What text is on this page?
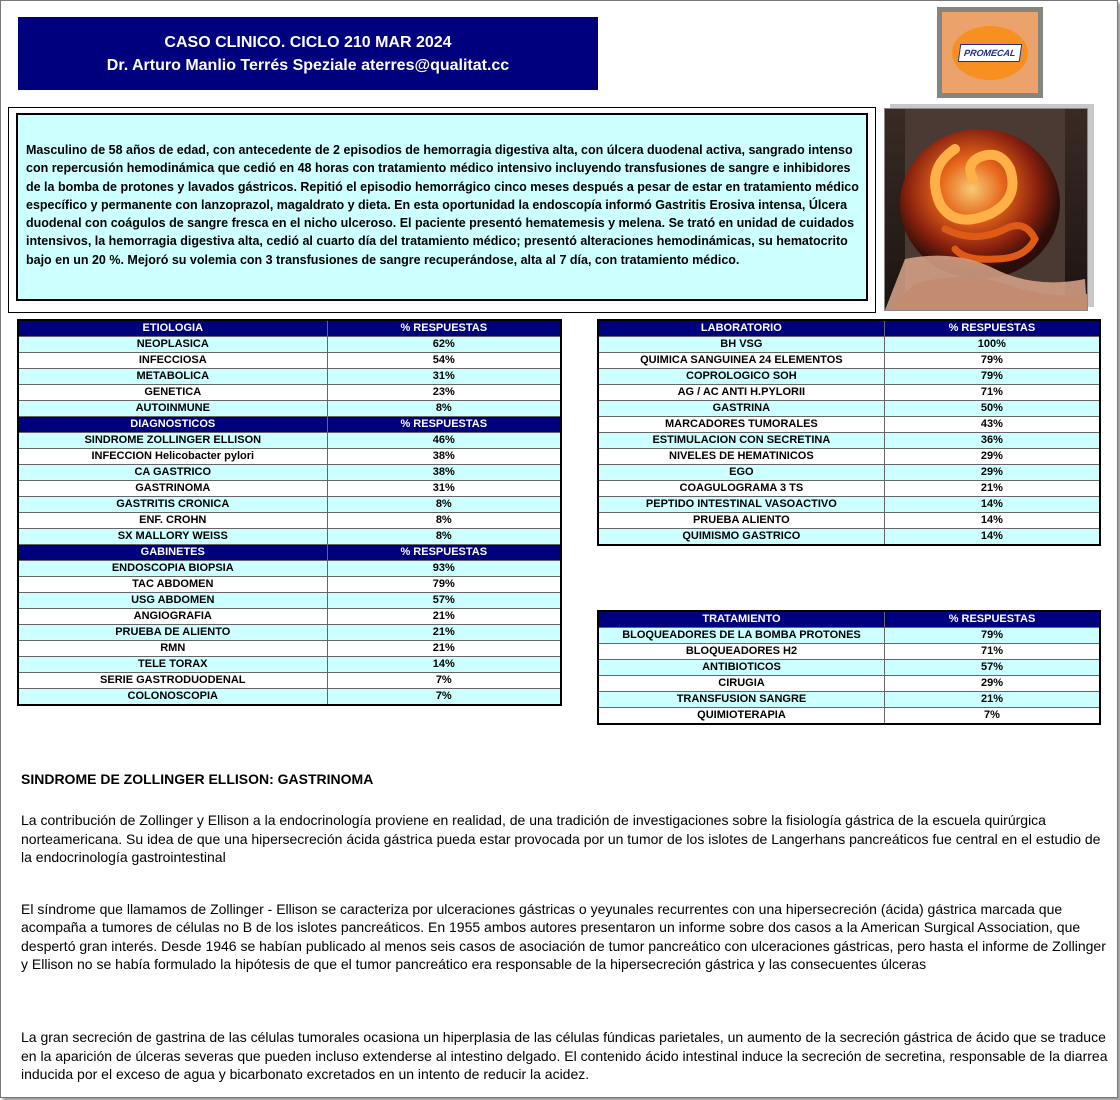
CASO CLINICO. CICLO 210 MAR 2024
Dr. Arturo Manlio Terrés Speziale aterres@qualitat.cc
PROMECAL
Masculino de 58 años de edad, con antecedente de 2 episodios de hemorragia digestiva alta, con úlcera duodenal activa, sangrado intenso con repercusión hemodinámica que cedió en 48 horas con tratamiento médico intensivo incluyendo transfusiones de sangre e inhibidores de la bomba de protones y lavados gástricos. Repitió el episodio hemorrágico cinco meses después a pesar de estar en tratamiento médico específico y permanente con lanzoprazol, magaldrato y dieta. En esta oportunidad la endoscopía informó Gastritis Erosiva intensa, Úlcera duodenal con coágulos de sangre fresca en el nicho ulceroso. El paciente presentó hematemesis y melena. Se trató en unidad de cuidados intensivos, la hemorragia digestiva alta, cedió al cuarto día del tratamiento médico; presentó alteraciones hemodinámicas, su hematocrito bajo en un 20 %. Mejoró su volemia con 3 transfusiones de sangre recuperándose, alta al 7 día, con tratamiento médico.
ETIOLOGIA	% RESPUESTAS
NEOPLASICA	62%
INFECCIOSA	54%
METABOLICA	31%
GENETICA	23%
AUTOINMUNE	8%
DIAGNOSTICOS	% RESPUESTAS
SINDROME ZOLLINGER ELLISON	46%
INFECCION Helicobacter pylori	38%
CA GASTRICO	38%
GASTRINOMA	31%
GASTRITIS CRONICA	8%
ENF. CROHN	8%
SX MALLORY WEISS	8%
GABINETES	% RESPUESTAS
ENDOSCOPIA BIOPSIA	93%
TAC ABDOMEN	79%
USG ABDOMEN	57%
ANGIOGRAFIA	21%
PRUEBA DE ALIENTO	21%
RMN	21%
TELE TORAX	14%
SERIE GASTRODUODENAL	7%
COLONOSCOPIA	7%
LABORATORIO	% RESPUESTAS
BH VSG	100%
QUIMICA SANGUINEA 24 ELEMENTOS	79%
COPROLOGICO SOH	79%
AG / AC ANTI H.PYLORII	71%
GASTRINA	50%
MARCADORES TUMORALES	43%
ESTIMULACION CON SECRETINA	36%
NIVELES DE HEMATINICOS	29%
EGO	29%
COAGULOGRAMA 3 TS	21%
PEPTIDO INTESTINAL VASOACTIVO	14%
PRUEBA ALIENTO	14%
QUIMISMO GASTRICO	14%
TRATAMIENTO	% RESPUESTAS
BLOQUEADORES DE LA BOMBA PROTONES	79%
BLOQUEADORES H2	71%
ANTIBIOTICOS	57%
CIRUGIA	29%
TRANSFUSION SANGRE	21%
QUIMIOTERAPIA	7%
SINDROME DE ZOLLINGER ELLISON: GASTRINOMA

La contribución de Zollinger y Ellison a la endocrinología proviene en realidad, de una tradición de investigaciones sobre la fisiología gástrica de la escuela quirúrgica norteamericana. Su idea de que una hipersecreción ácida gástrica pueda estar provocada por un tumor de los islotes de Langerhans pancreáticos fue central en el estudio de la endocrinología gastrointestinal

El síndrome que llamamos de Zollinger - Ellison se caracteriza por ulceraciones gástricas o yeyunales recurrentes con una hipersecreción (ácida) gástrica marcada que acompaña a tumores de células no B de los islotes pancreáticos. En 1955 ambos autores presentaron un informe sobre dos casos a la American Surgical Association, que despertó gran interés. Desde 1946 se habían publicado al menos seis casos de asociación de tumor pancreático con ulceraciones gástricas, pero hasta el informe de Zollinger y Ellison no se había formulado la hipótesis de que el tumor pancreático era responsable de la hipersecreción gástrica y las consecuentes úlceras

La gran secreción de gastrina de las células tumorales ocasiona un hiperplasia de las células fúndicas parietales, un aumento de la secreción gástrica de ácido que se traduce en la aparición de úlceras severas que pueden incluso extenderse al intestino delgado. El contenido ácido intestinal induce la secreción de secretina, responsable de la diarrea inducida por el exceso de agua y bicarbonato excretados en un intento de reducir la acidez.
